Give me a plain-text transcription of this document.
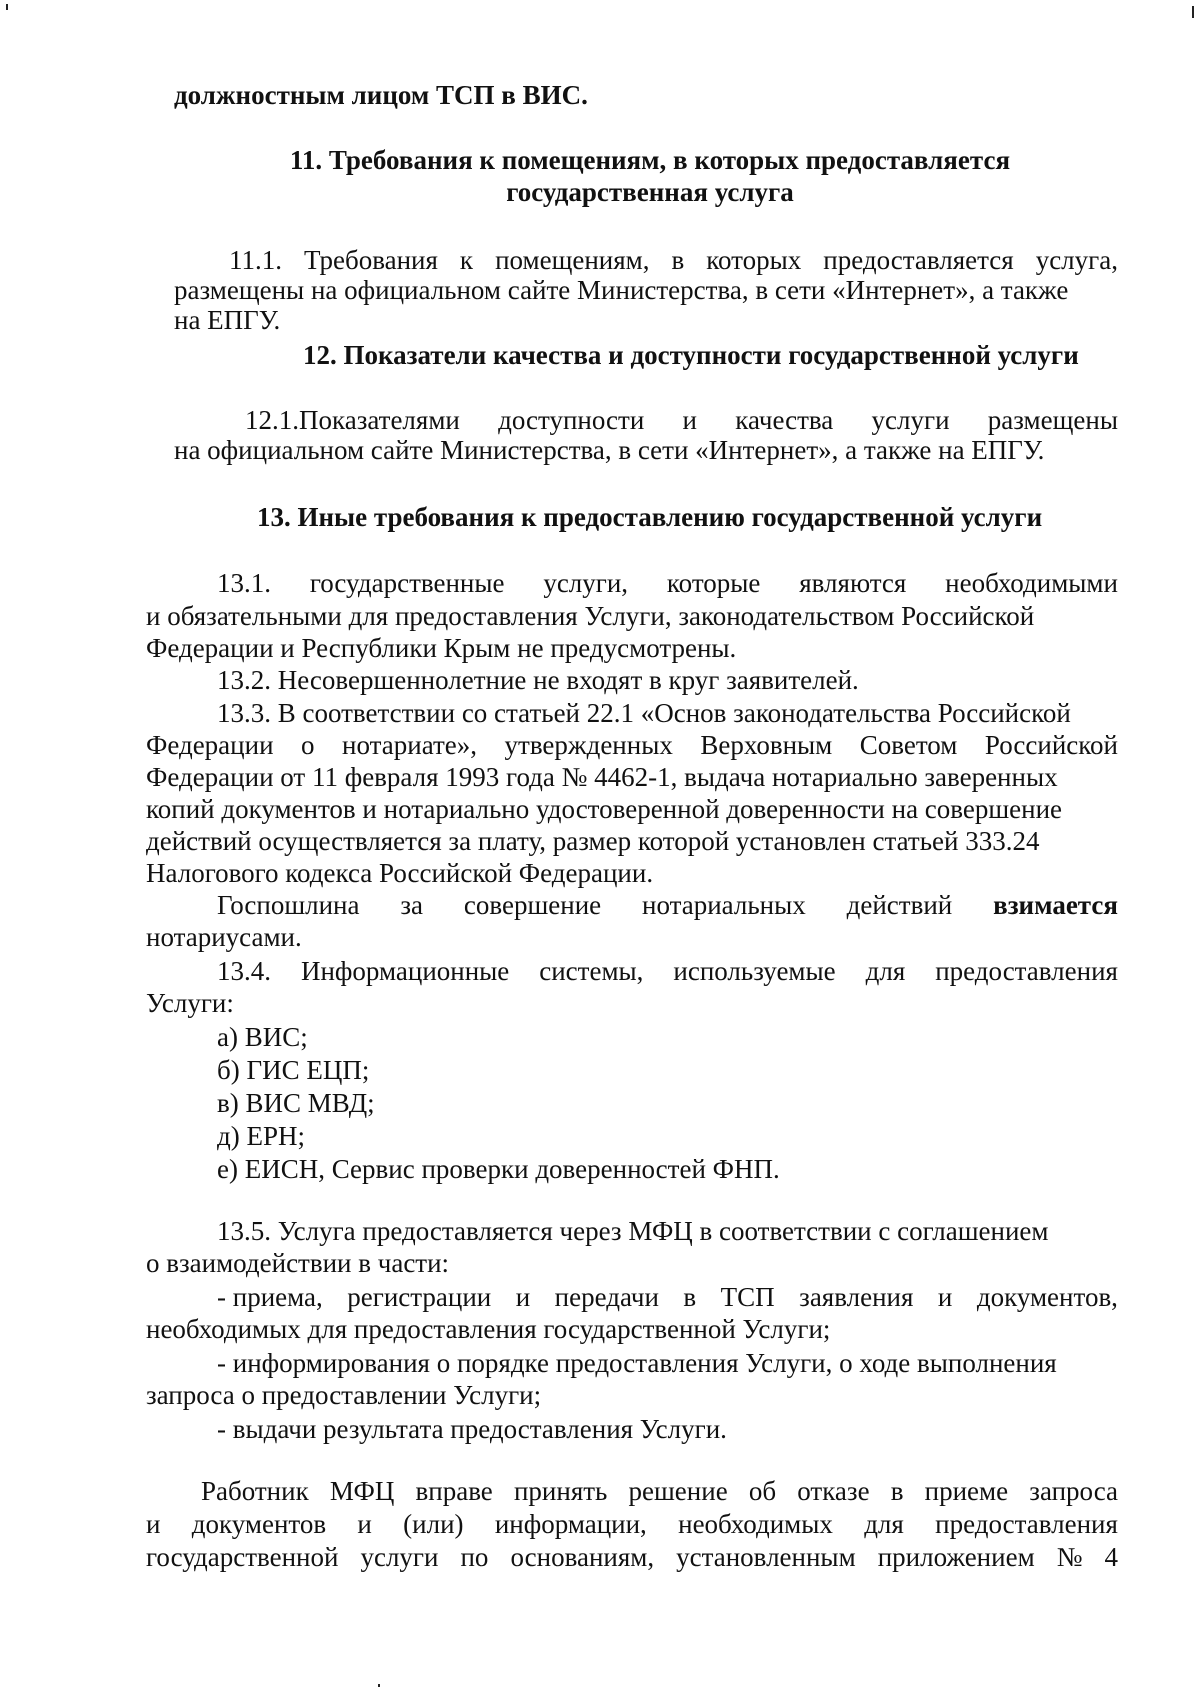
должностным лицом ТСП в ВИС.

11. Требования к помещениям, в которых предоставляется

государственная услуга

11.1. Требования к помещениям, в которых предоставляется услуга,

размещены на официальном сайте Министерства, в сети «Интернет», а также

на ЕПГУ.

12. Показатели качества и доступности государственной услуги

12.1.Показателями доступности и качества услуги размещены

на официальном сайте Министерства, в сети «Интернет», а также на ЕПГУ.

13. Иные требования к предоставлению государственной услуги

13.1. государственные услуги, которые являются необходимыми

и обязательными для предоставления Услуги, законодательством Российской

Федерации и Республики Крым не предусмотрены.

13.2. Несовершеннолетние не входят в круг заявителей.

13.3. В соответствии со статьей 22.1 «Основ законодательства Российской

Федерации о нотариате», утвержденных Верховным Советом Российской

Федерации от 11 февраля 1993 года № 4462-1, выдача нотариально заверенных

копий документов и нотариально удостоверенной доверенности на совершение

действий осуществляется за плату, размер которой установлен статьей 333.24

Налогового кодекса Российской Федерации.

Госпошлина за совершение нотариальных действий взимается

нотариусами.

13.4. Информационные системы, используемые для предоставления

Услуги:

а) ВИС;

б) ГИС ЕЦП;

в) ВИС МВД;

д) ЕРН;

е) ЕИСН, Сервис проверки доверенностей ФНП.

13.5. Услуга предоставляется через МФЦ в соответствии с соглашением

о взаимодействии в части:

- приема, регистрации и передачи в ТСП заявления и документов,

необходимых для предоставления государственной Услуги;

- информирования о порядке предоставления Услуги, о ходе выполнения

запроса о предоставлении Услуги;

- выдачи результата предоставления Услуги.

Работник МФЦ вправе принять решение об отказе в приеме запроса
и документов и (или) информации, необходимых для предоставления
государственной услуги по основаниям, установленным приложением № 4
